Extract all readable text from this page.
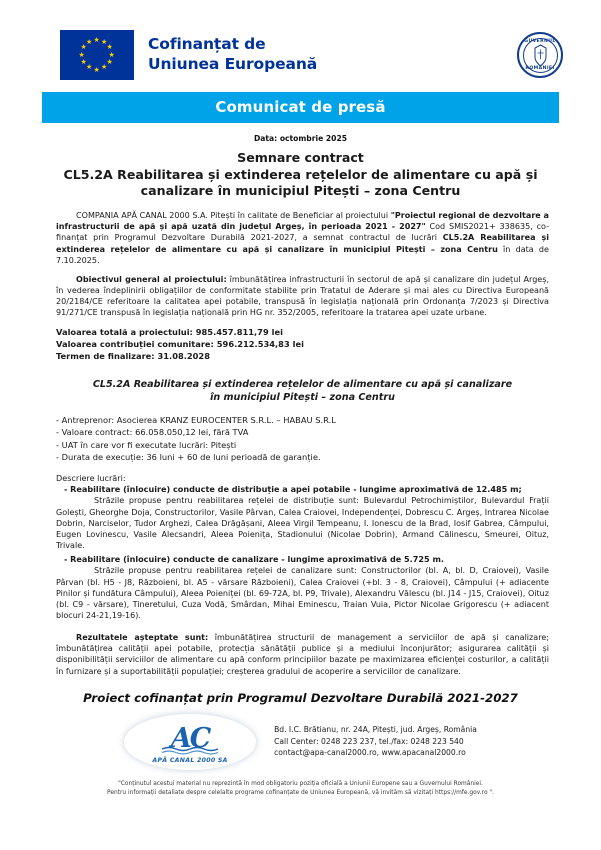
★ ★
★
★
★
★
★
★
★
★
★
★	Cofinanțat de
Uniunea Europeană
GUVERNUL
ROMÂNIEI
Comunicat de presă
Data: octombrie 2025
Semnare contract
CL5.2A Reabilitarea și extinderea rețelelor de alimentare cu apă și canalizare în municipiul Pitești – zona Centru

COMPANIA APĂ CANAL 2000 S.A. Pitești în calitate de Beneficiar al proiectului "Proiectul regional de dezvoltare a infrastructurii de apă și apă uzată din județul Argeș, în perioada 2021 - 2027" Cod SMIS2021+ 338635, co-finanțat prin Programul Dezvoltare Durabilă 2021-2027, a semnat contractul de lucrări CL5.2A Reabilitarea și extinderea rețelelor de alimentare cu apă și canalizare în municipiul Pitești – zona Centru în data de 7.10.2025.

Obiectivul general al proiectului: îmbunătățirea infrastructurii în sectorul de apă și canalizare din județul Argeș, în vederea îndeplinirii obligațiilor de conformitate stabilite prin Tratatul de Aderare și mai ales cu Directiva Europeană 20/2184/CE referitoare la calitatea apei potabile, transpusă în legislația națională prin Ordonanța 7/2023 și Directiva 91/271/CE transpusă în legislația națională prin HG nr. 352/2005, referitoare la tratarea apei uzate urbane.

Valoarea totală a proiectului: 985.457.811,79 lei
Valoarea contribuției comunitare: 596.212.534,83 lei
Termen de finalizare: 31.08.2028
CL5.2A Reabilitarea și extinderea rețelelor de alimentare cu apă și canalizare
în municipiul Pitești – zona Centru
- Antreprenor: Asocierea KRANZ EUROCENTER S.R.L. – HABAU S.R.L
- Valoare contract: 66.058.050,12 lei, fără TVA
- UAT în care vor fi executate lucrări: Pitești
- Durata de execuție: 36 luni + 60 de luni perioadă de garanție.
Descriere lucrări:
- Reabilitare (înlocuire) conducte de distribuție a apei potabile - lungime aproximativă de 12.485 m;

Străzile propuse pentru reabilitarea rețelei de distribuție sunt: Bulevardul Petrochimiștilor, Bulevardul Frații Golești, Gheorghe Doja, Constructorilor, Vasile Pârvan, Calea Craiovei, Independenței, Dobrescu C. Argeș, Intrarea Nicolae Dobrin, Narciselor, Tudor Arghezi, Calea Drăgășani, Aleea Virgil Tempeanu, I. Ionescu de la Brad, Iosif Gabrea, Câmpului, Eugen Lovinescu, Vasile Alecsandri, Aleea Poienița, Stadionului (Nicolae Dobrin), Armand Călinescu, Smeurei, Oituz, Trivale.

- Reabilitare (înlocuire) conducte de canalizare - lungime aproximativă de 5.725 m.

Străzile propuse pentru reabilitarea rețelei de canalizare sunt: Constructorilor (bl. A, bl. D, Craiovei), Vasile Pârvan (bl. H5 - J8, Războieni, bl. A5 - vărsare Războieni), Calea Craiovei (+bl. 3 - 8, Craiovei), Câmpului (+ adiacente Pinilor și fundătura Câmpului), Aleea Poieniței (bl. 69-72A, bl. P9, Trivale), Alexandru Vălescu (bl. J14 - J15, Craiovei), Oituz (bl. C9 - vărsare), Tineretului, Cuza Vodă, Smârdan, Mihai Eminescu, Traian Vuia, Pictor Nicolae Grigorescu (+ adiacent blocuri 24-21,19-16).

Rezultatele așteptate sunt: îmbunătățirea structurii de management a serviciilor de apă și canalizare; îmbunătățirea calității apei potabile, protecția sănătății publice și a mediului înconjurător; asigurarea calității și disponibilității serviciilor de alimentare cu apă conform principiilor bazate pe maximizarea eficienței costurilor, a calității în furnizare și a suportabilității populației; creșterea gradului de acoperire a serviciilor de canalizare.

Proiect cofinanțat prin Programul Dezvoltare Durabilă 2021-2027
AC
APĂ CANAL 2000 SA
Bd. I.C. Brătianu, nr. 24A, Pitești, jud. Argeș, România
Call Center: 0248 223 237, tel./fax: 0248 223 540
contact@apa-canal2000.ro, www.apacanal2000.ro
"Conținutul acestui material nu reprezintă în mod obligatoriu poziția oficială a Uniunii Europene sau a Guvernului României.
Pentru informații detaliate despre celelalte programe cofinanțate de Uniunea Europeană, vă invităm să vizitați https://mfe.gov.ro ".
